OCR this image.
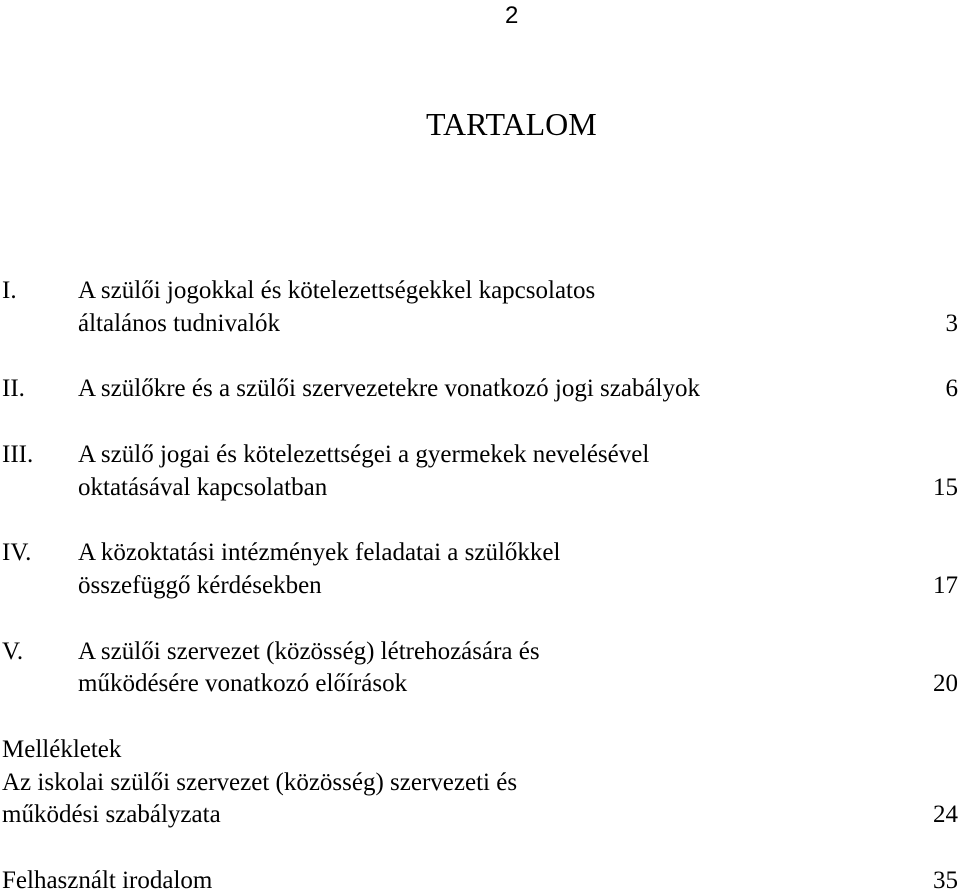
2
TARTALOM
I. A szülői jogokkal és kötelezettségekkel kapcsolatos
általános tudnivalók	3
II. A szülőkre és a szülői szervezetekre vonatkozó jogi szabályok	6
III. A szülő jogai és kötelezettségei a gyermekek nevelésével
oktatásával kapcsolatban	15
IV. A közoktatási intézmények feladatai a szülőkkel
összefüggő kérdésekben	17
V. A szülői szervezet (közösség) létrehozására és
működésére vonatkozó előírások	20
Mellékletek
Az iskolai szülői szervezet (közösség) szervezeti és
működési szabályzata	24
Felhasznált irodalom	35
